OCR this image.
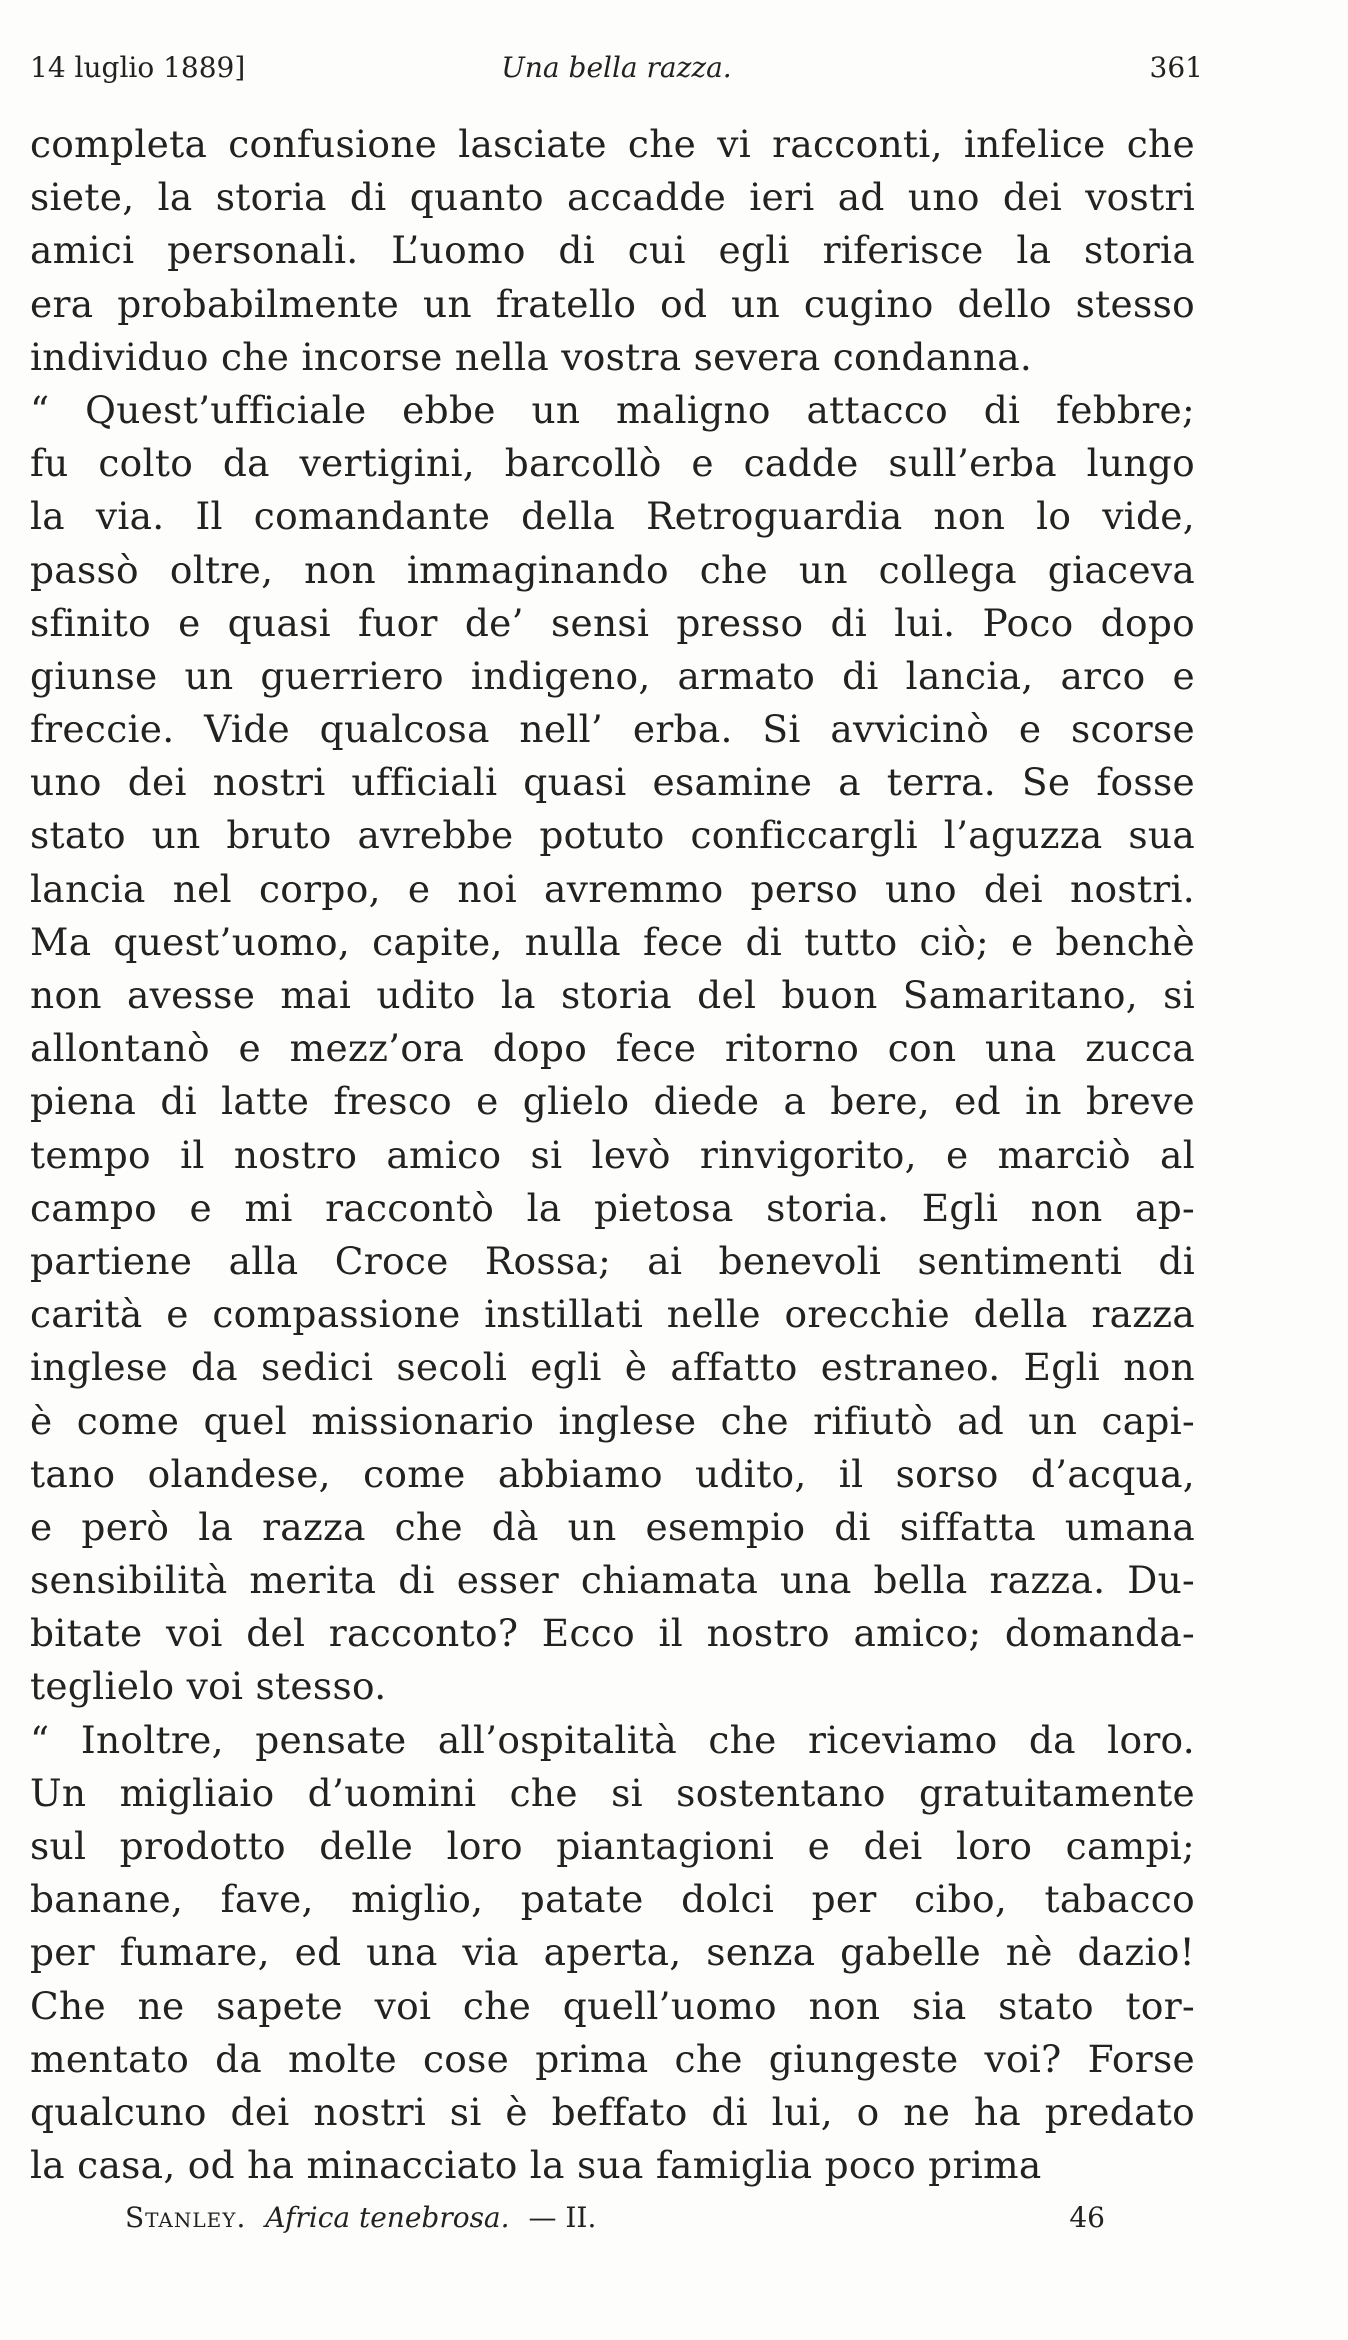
14 luglio 1889]	Una bella razza.	361
completa confusione lasciate che vi racconti, infelice che
siete, la storia di quanto accadde ieri ad uno dei vostri
amici personali. L’uomo di cui egli riferisce la storia
era probabilmente un fratello od un cugino dello stesso
individuo che incorse nella vostra severa condanna.
“ Quest’ufficiale ebbe un maligno attacco di febbre;
fu colto da vertigini, barcollò e cadde sull’erba lungo
la via. Il comandante della Retroguardia non lo vide,
passò oltre, non immaginando che un collega giaceva
sfinito e quasi fuor de’ sensi presso di lui. Poco dopo
giunse un guerriero indigeno, armato di lancia, arco e
freccie. Vide qualcosa nell’ erba. Si avvicinò e scorse
uno dei nostri ufficiali quasi esamine a terra. Se fosse
stato un bruto avrebbe potuto conficcargli l’aguzza sua
lancia nel corpo, e noi avremmo perso uno dei nostri.
Ma quest’uomo, capite, nulla fece di tutto ciò; e benchè
non avesse mai udito la storia del buon Samaritano, si
allontanò e mezz’ora dopo fece ritorno con una zucca
piena di latte fresco e glielo diede a bere, ed in breve
tempo il nostro amico si levò rinvigorito, e marciò al
campo e mi raccontò la pietosa storia. Egli non ap-
partiene alla Croce Rossa; ai benevoli sentimenti di
carità e compassione instillati nelle orecchie della razza
inglese da sedici secoli egli è affatto estraneo. Egli non
è come quel missionario inglese che rifiutò ad un capi-
tano olandese, come abbiamo udito, il sorso d’acqua,
e però la razza che dà un esempio di siffatta umana
sensibilità merita di esser chiamata una bella razza. Du-
bitate voi del racconto? Ecco il nostro amico; domanda-
teglielo voi stesso.
“ Inoltre, pensate all’ospitalità che riceviamo da loro.
Un migliaio d’uomini che si sostentano gratuitamente
sul prodotto delle loro piantagioni e dei loro campi;
banane, fave, miglio, patate dolci per cibo, tabacco
per fumare, ed una via aperta, senza gabelle nè dazio!
Che ne sapete voi che quell’uomo non sia stato tor-
mentato da molte cose prima che giungeste voi? Forse
qualcuno dei nostri si è beffato di lui, o ne ha predato
la casa, od ha minacciato la sua famiglia poco prima
Stanley. Africa tenebrosa. — II.	46
